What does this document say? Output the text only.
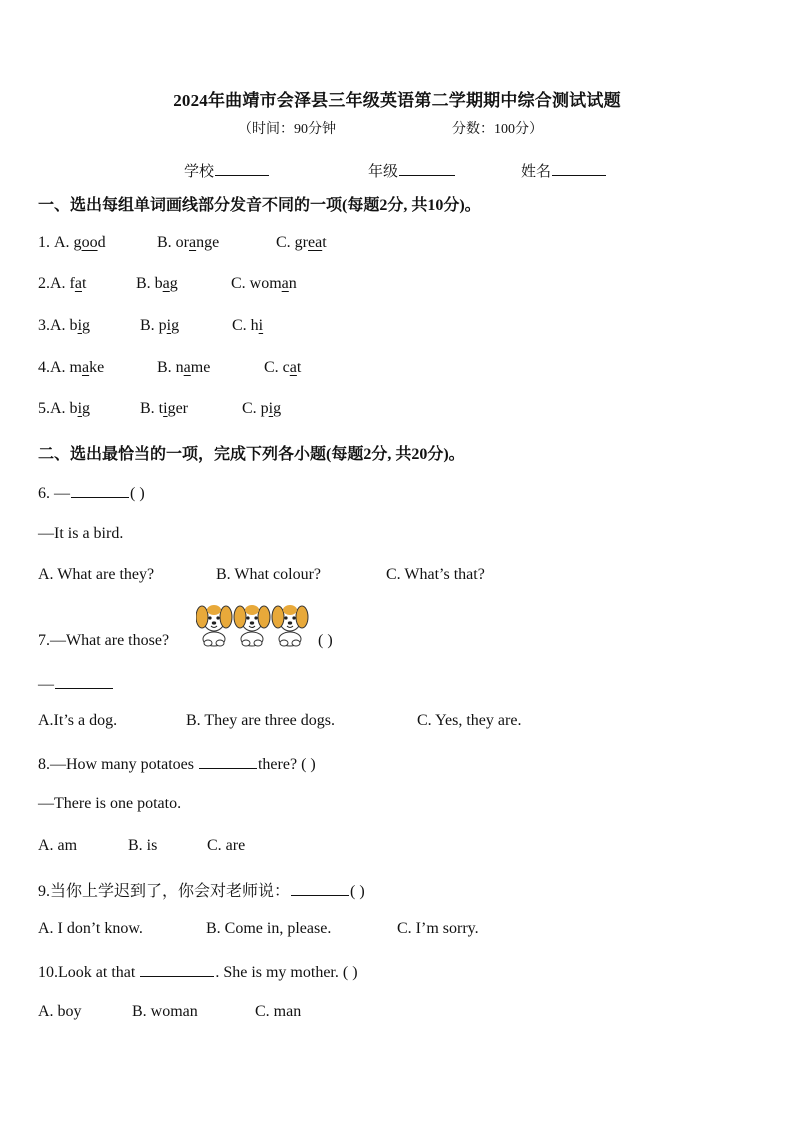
2024年曲靖市会泽县三年级英语第二学期期中综合测试试题
（时间：90分钟	分数：100分）
学校	年级	姓名
一、选出每组单词画线部分发音不同的一项(每题2分, 共10分)。
1. A. good	B. orange	C. great
2.A. fat	B. bag	C. woman
3.A. big	B. pig	C. hi
4.A. make	B. name	C. cat
5.A. big	B. tiger	C. pig
二、选出最恰当的一项，完成下列各小题(每题2分, 共20分)。
6. —	( )
—It is a bird.
A. What are they?	B. What colour?	C. What’s that?
7.—What are those?	( )
—
A.It’s a dog.	B. They are three dogs.	C. Yes, they are.
8.—How many potatoes	there? ( )
—There is one potato.
A. am	B. is	C. are
9.当你上学迟到了，你会对老师说：	( )
A. I don’t know.	B. Come in, please.	C. I’m sorry.
10.Look at that	. She is my mother. ( )
A. boy	B. woman	C. man
